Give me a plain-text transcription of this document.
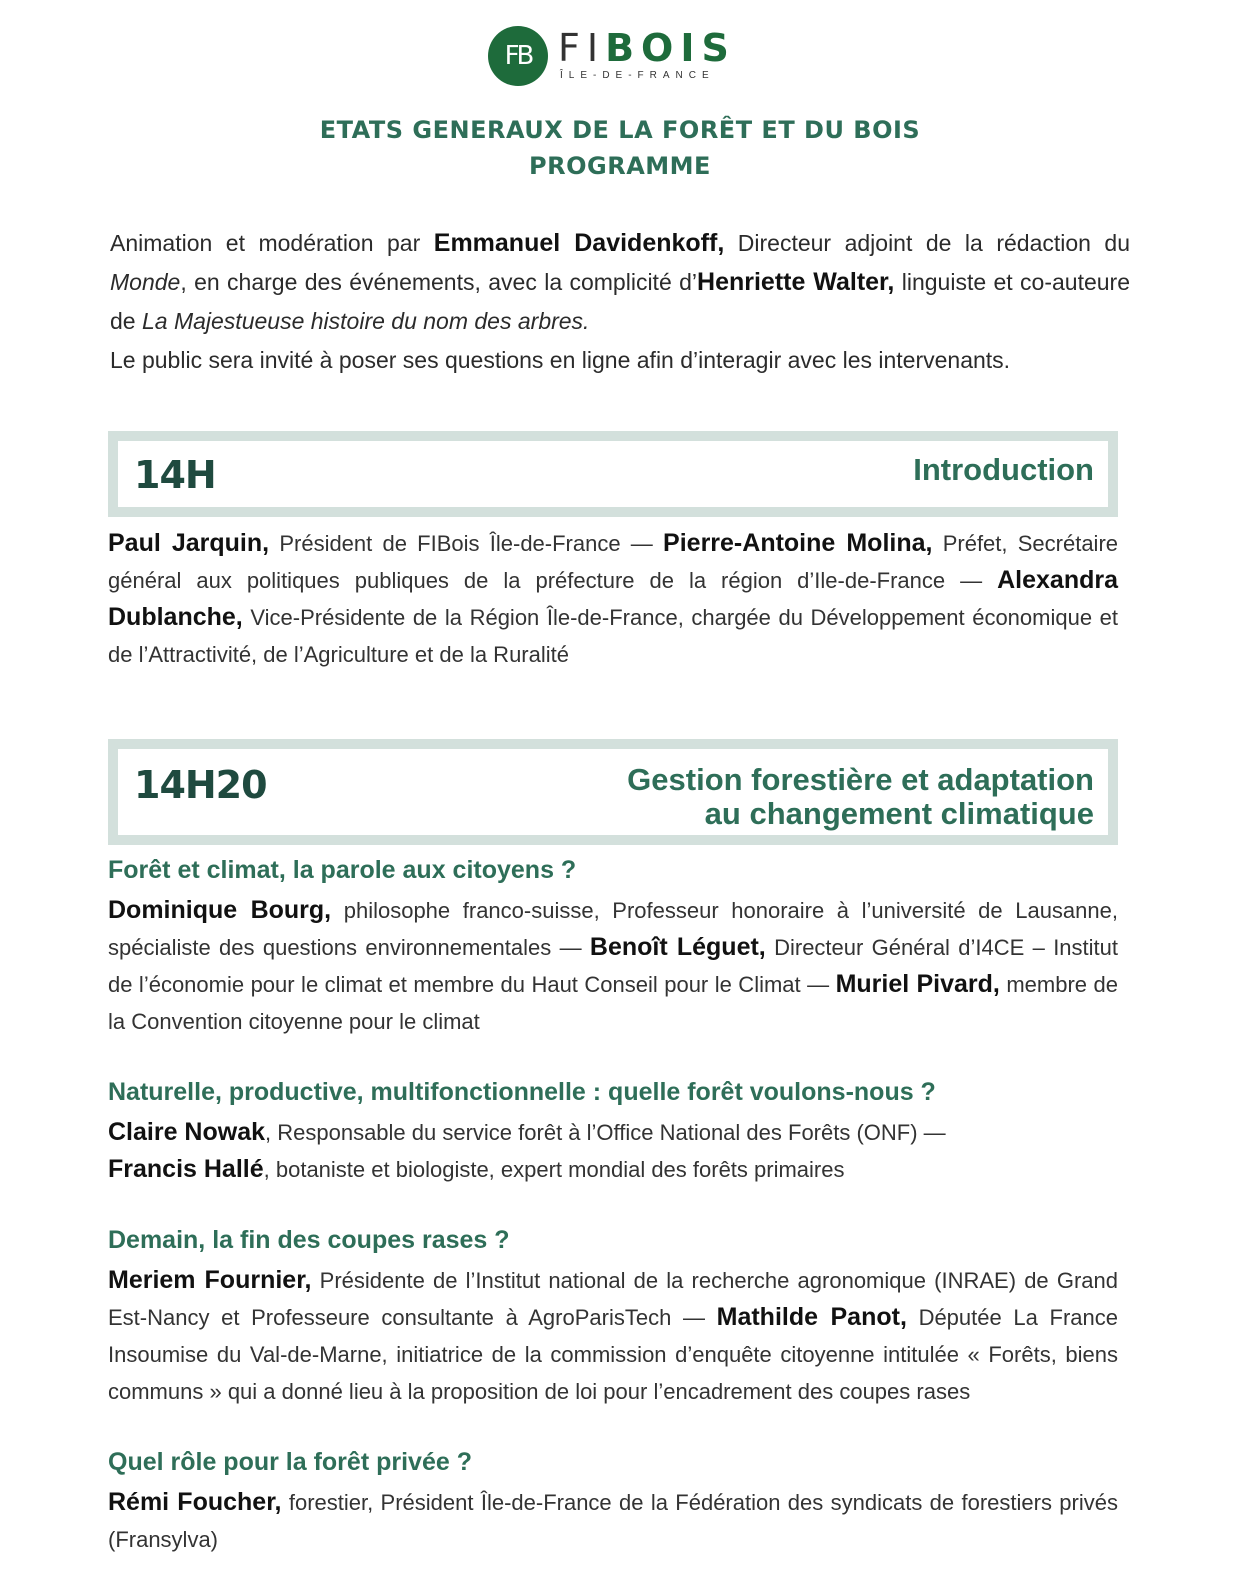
FB FIBOIS
ÎLE-DE-FRANCE
ETATS GENERAUX DE LA FORÊT ET DU BOIS
PROGRAMME
Animation et modération par Emmanuel Davidenkoff, Directeur adjoint de la rédaction du Monde, en charge des événements, avec la complicité d’Henriette Walter, linguiste et co-auteure de La Majestueuse histoire du nom des arbres.
Le public sera invité à poser ses questions en ligne afin d’interagir avec les intervenants.
14H	Introduction
Paul Jarquin, Président de FIBois Île-de-France — Pierre-Antoine Molina, Préfet, Secrétaire général aux politiques publiques de la préfecture de la région d’Ile-de-France — Alexandra Dublanche, Vice-Présidente de la Région Île-de-France, chargée du Développement économique et de l’Attractivité, de l’Agriculture et de la Ruralité
14H20	Gestion forestière et adaptation
au changement climatique
Forêt et climat, la parole aux citoyens ?
Dominique Bourg, philosophe franco-suisse, Professeur honoraire à l’université de Lausanne, spécialiste des questions environnementales — Benoît Léguet, Directeur Général d’I4CE – Institut de l’économie pour le climat et membre du Haut Conseil pour le Climat — Muriel Pivard, membre de la Convention citoyenne pour le climat
Naturelle, productive, multifonctionnelle : quelle forêt voulons-nous ?
Claire Nowak, Responsable du service forêt à l’Office National des Forêts (ONF) —
Francis Hallé, botaniste et biologiste, expert mondial des forêts primaires
Demain, la fin des coupes rases ?
Meriem Fournier, Présidente de l’Institut national de la recherche agronomique (INRAE) de Grand Est-Nancy et Professeure consultante à AgroParisTech — Mathilde Panot, Députée La France Insoumise du Val-de-Marne, initiatrice de la commission d’enquête citoyenne intitulée « Forêts, biens communs » qui a donné lieu à la proposition de loi pour l’encadrement des coupes rases
Quel rôle pour la forêt privée ?
Rémi Foucher, forestier, Président Île-de-France de la Fédération des syndicats de forestiers privés (Fransylva)
